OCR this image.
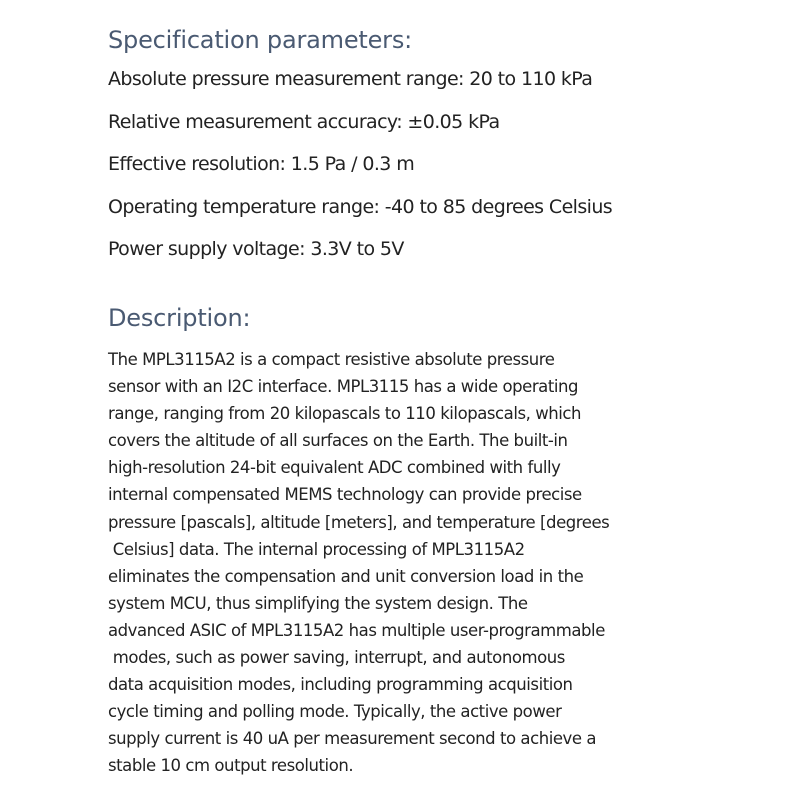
Specification parameters:
Absolute pressure measurement range: 20 to 110 kPa
Relative measurement accuracy: ±0.05 kPa
Effective resolution: 1.5 Pa / 0.3 m
Operating temperature range: -40 to 85 degrees Celsius
Power supply voltage: 3.3V to 5V
Description:
The MPL3115A2 is a compact resistive absolute pressure
sensor with an I2C interface. MPL3115 has a wide operating
range, ranging from 20 kilopascals to 110 kilopascals, which
covers the altitude of all surfaces on the Earth. The built-in
high-resolution 24-bit equivalent ADC combined with fully
internal compensated MEMS technology can provide precise
pressure [pascals], altitude [meters], and temperature [degrees
Celsius] data. The internal processing of MPL3115A2
eliminates the compensation and unit conversion load in the
system MCU, thus simplifying the system design. The
advanced ASIC of MPL3115A2 has multiple user-programmable
modes, such as power saving, interrupt, and autonomous
data acquisition modes, including programming acquisition
cycle timing and polling mode. Typically, the active power
supply current is 40 uA per measurement second to achieve a
stable 10 cm output resolution.
